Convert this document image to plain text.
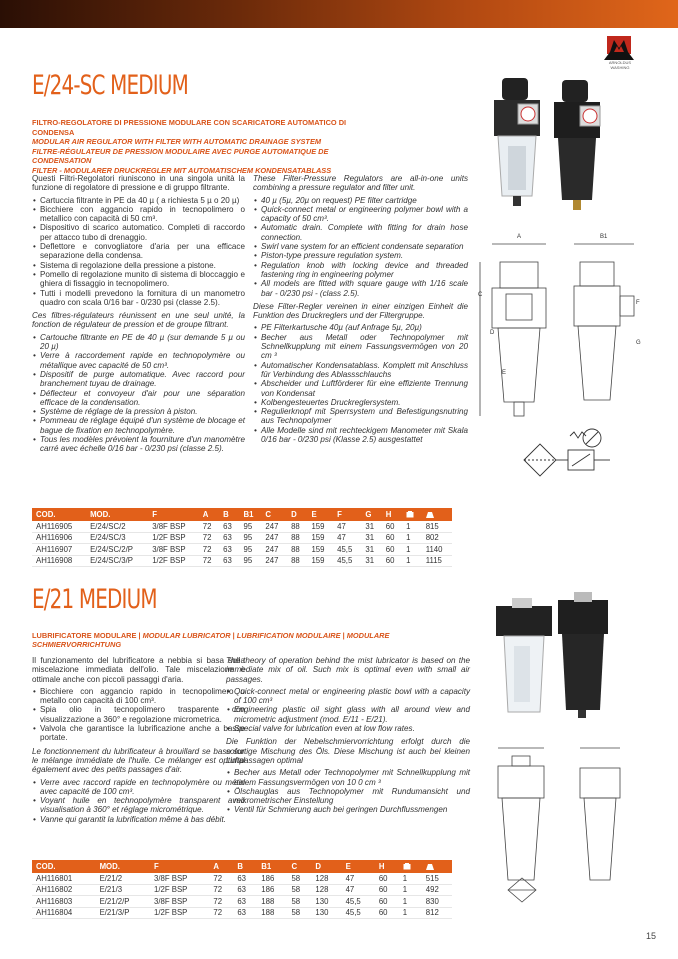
ARNOLDUS WASHING
E/24-SC MEDIUM
FILTRO-REGOLATORE DI PRESSIONE MODULARE CON SCARICATORE AUTOMATICO DI CONDENSA
MODULAR AIR REGULATOR WITH FILTER WITH AUTOMATIC DRAINAGE SYSTEM
FILTRE-RÉGULATEUR DE PRESSION MODULAIRE AVEC PURGE AUTOMATIQUE DE CONDENSATION
FILTER - MODULARER DRUCKREGLER MIT AUTOMATISCHEM KONDENSATABLASS

Questi Filtri-Regolatori riuniscono in una singola unità la funzione di regolatore di pressione e di gruppo filtrante.

• Cartuccia filtrante in PE da 40 µ ( a richiesta 5 µ o 20 µ)
• Bicchiere con aggancio rapido in tecnopolimero o metallico con capacità di 50 cm³.
• Dispositivo di scarico automatico. Completi di raccordo per attacco tubo di drenaggio.
• Deflettore e convogliatore d'aria per una efficace separazione della condensa.
• Sistema di regolazione della pressione a pistone.
• Pomello di regolazione munito di sistema di bloccaggio e ghiera di fissaggio in tecnopolimero.
• Tutti i modelli prevedono la fornitura di un manometro quadro con scala 0/16 bar - 0/230 psi (classe 2.5).

Ces filtres-régulateurs réunissent en une seul unité, la fonction de régulateur de pression et de groupe filtrant.

• Cartouche filtrante en PE de 40 µ (sur demande 5 µ ou 20 µ)
• Verre à raccordement rapide en technopolymère ou métallique avec capacité de 50 cm³.
• Dispositif de purge automatique. Avec raccord pour branchement tuyau de drainage.
• Déflecteur et convoyeur d'air pour une séparation efficace de la condensation.
• Système de réglage de la pression à piston.
• Pommeau de réglage équipé d'un système de blocage et bague de fixation en technopolymère.
• Tous les modèles prévoient la fourniture d'un manomètre carré avec échelle 0/16 bar - 0/230 psi (classe 2.5).

These Filter-Pressure Regulators are all-in-one units combining a pressure regulator and filter unit.

• 40 µ (5µ, 20µ on request) PE filter cartridge
• Quick-connect metal or engineering polymer bowl with a capacity of 50 cm³.
• Automatic drain. Complete with fitting for drain hose connection.
• Swirl vane system for an efficient condensate separation
• Piston-type pressure regulation system.
• Regulation knob with locking device and threaded fastening ring in engineering polymer
• All models are fitted with square gauge with 1/16 scale bar - 0/230 psi - (class 2.5).

Diese Filter-Regler vereinen in einer einzigen Einheit die Funktion des Druckreglers und der Filtergruppe.

• PE Filterkartusche 40µ (auf Anfrage 5µ, 20µ)
• Becher aus Metall oder Technopolymer mit Schnellkupplung mit einem Fassungsvermögen von 20 cm ³
• Automatischer Kondensatablass. Komplett mit Anschluss für Verbindung des Ablassschlauchs
• Abscheider und Luftförderer für eine effiziente Trennung von Kondensat
• Kolbengesteuertes Druckreglersystem.
• Regulierknopf mit Sperrsystem und Befestigungsnutring aus Technopolymer
• Alle Modelle sind mit rechteckigem Manometer mit Skala 0/16 bar - 0/230 psi (Klasse 2.5) ausgestattet
A	B1
COD.	MOD.	F	A	B	B1	C	D	E	F	G	H		
AH116905	E/24/SC/2	3/8F BSP	72	63	95	247	88	159	47	31	60	1	815
AH116906	E/24/SC/3	1/2F BSP	72	63	95	247	88	159	47	31	60	1	802
AH116907	E/24/SC/2/P	3/8F BSP	72	63	95	247	88	159	45,5	31	60	1	1140
AH116908	E/24/SC/3/P	1/2F BSP	72	63	95	247	88	159	45,5	31	60	1	1115
E/21 MEDIUM
LUBRIFICATORE MODULARE | MODULAR LUBRICATOR | LUBRIFICATION MODULAIRE | MODULARE SCHMIERVORRICHTUNG

Il funzionamento del lubrificatore a nebbia si basa sulla miscelazione immediata dell'olio. Tale miscelazione è ottimale anche con piccoli passaggi d'aria.

• Bicchiere con aggancio rapido in tecnopolimero o metallo con capacità di 100 cm³.
• Spia olio in tecnopolimero trasparente con visualizzazione a 360° e regolazione micrometrica.
• Valvola che garantisce la lubrificazione anche a basse portate.

Le fonctionnement du lubrificateur à brouillard se base sur le mélange immédiate de l'huile. Ce mélanger est optimal également avec des petits passages d'air.

• Verre avec raccord rapide en technopolymère ou métal avec capacité de 100 cm³.
• Voyant huile en technopolymère transparent avec visualisation à 360° et réglage micrométrique.
• Vanne qui garantit la lubrification même à bas débit.

The theory of operation behind the mist lubricator is based on the immediate mix of oil. Such mix is optimal even with small air passages.

• Quick-connect metal or engineering plastic bowl with a capacity of 100 cm³
• Engineering plastic oil sight glass with all around view and micrometric adjustment (mod. E/11 - E/21).
• Special valve for lubrication even at low flow rates.

Die Funktion der Nebelschmiervorrichtung erfolgt durch die sofortige Mischung des Öls. Diese Mischung ist auch bei kleinen Luftpassagen optimal

• Becher aus Metall oder Technopolymer mit Schnellkupplung mit einem Fassungsvermögen von 10 0 cm ³
• Ölschauglas aus Technopolymer mit Rundumansicht und mikrometrischer Einstellung
• Ventil für Schmierung auch bei geringen Durchflussmengen
COD.	MOD.	F	A	B	B1	C	D	E	H		
AH116801	E/21/2	3/8F BSP	72	63	186	58	128	47	60	1	515
AH116802	E/21/3	1/2F BSP	72	63	186	58	128	47	60	1	492
AH116803	E/21/2/P	3/8F BSP	72	63	188	58	130	45,5	60	1	830
AH116804	E/21/3/P	1/2F BSP	72	63	188	58	130	45,5	60	1	812
C
D
E
F
G
15
